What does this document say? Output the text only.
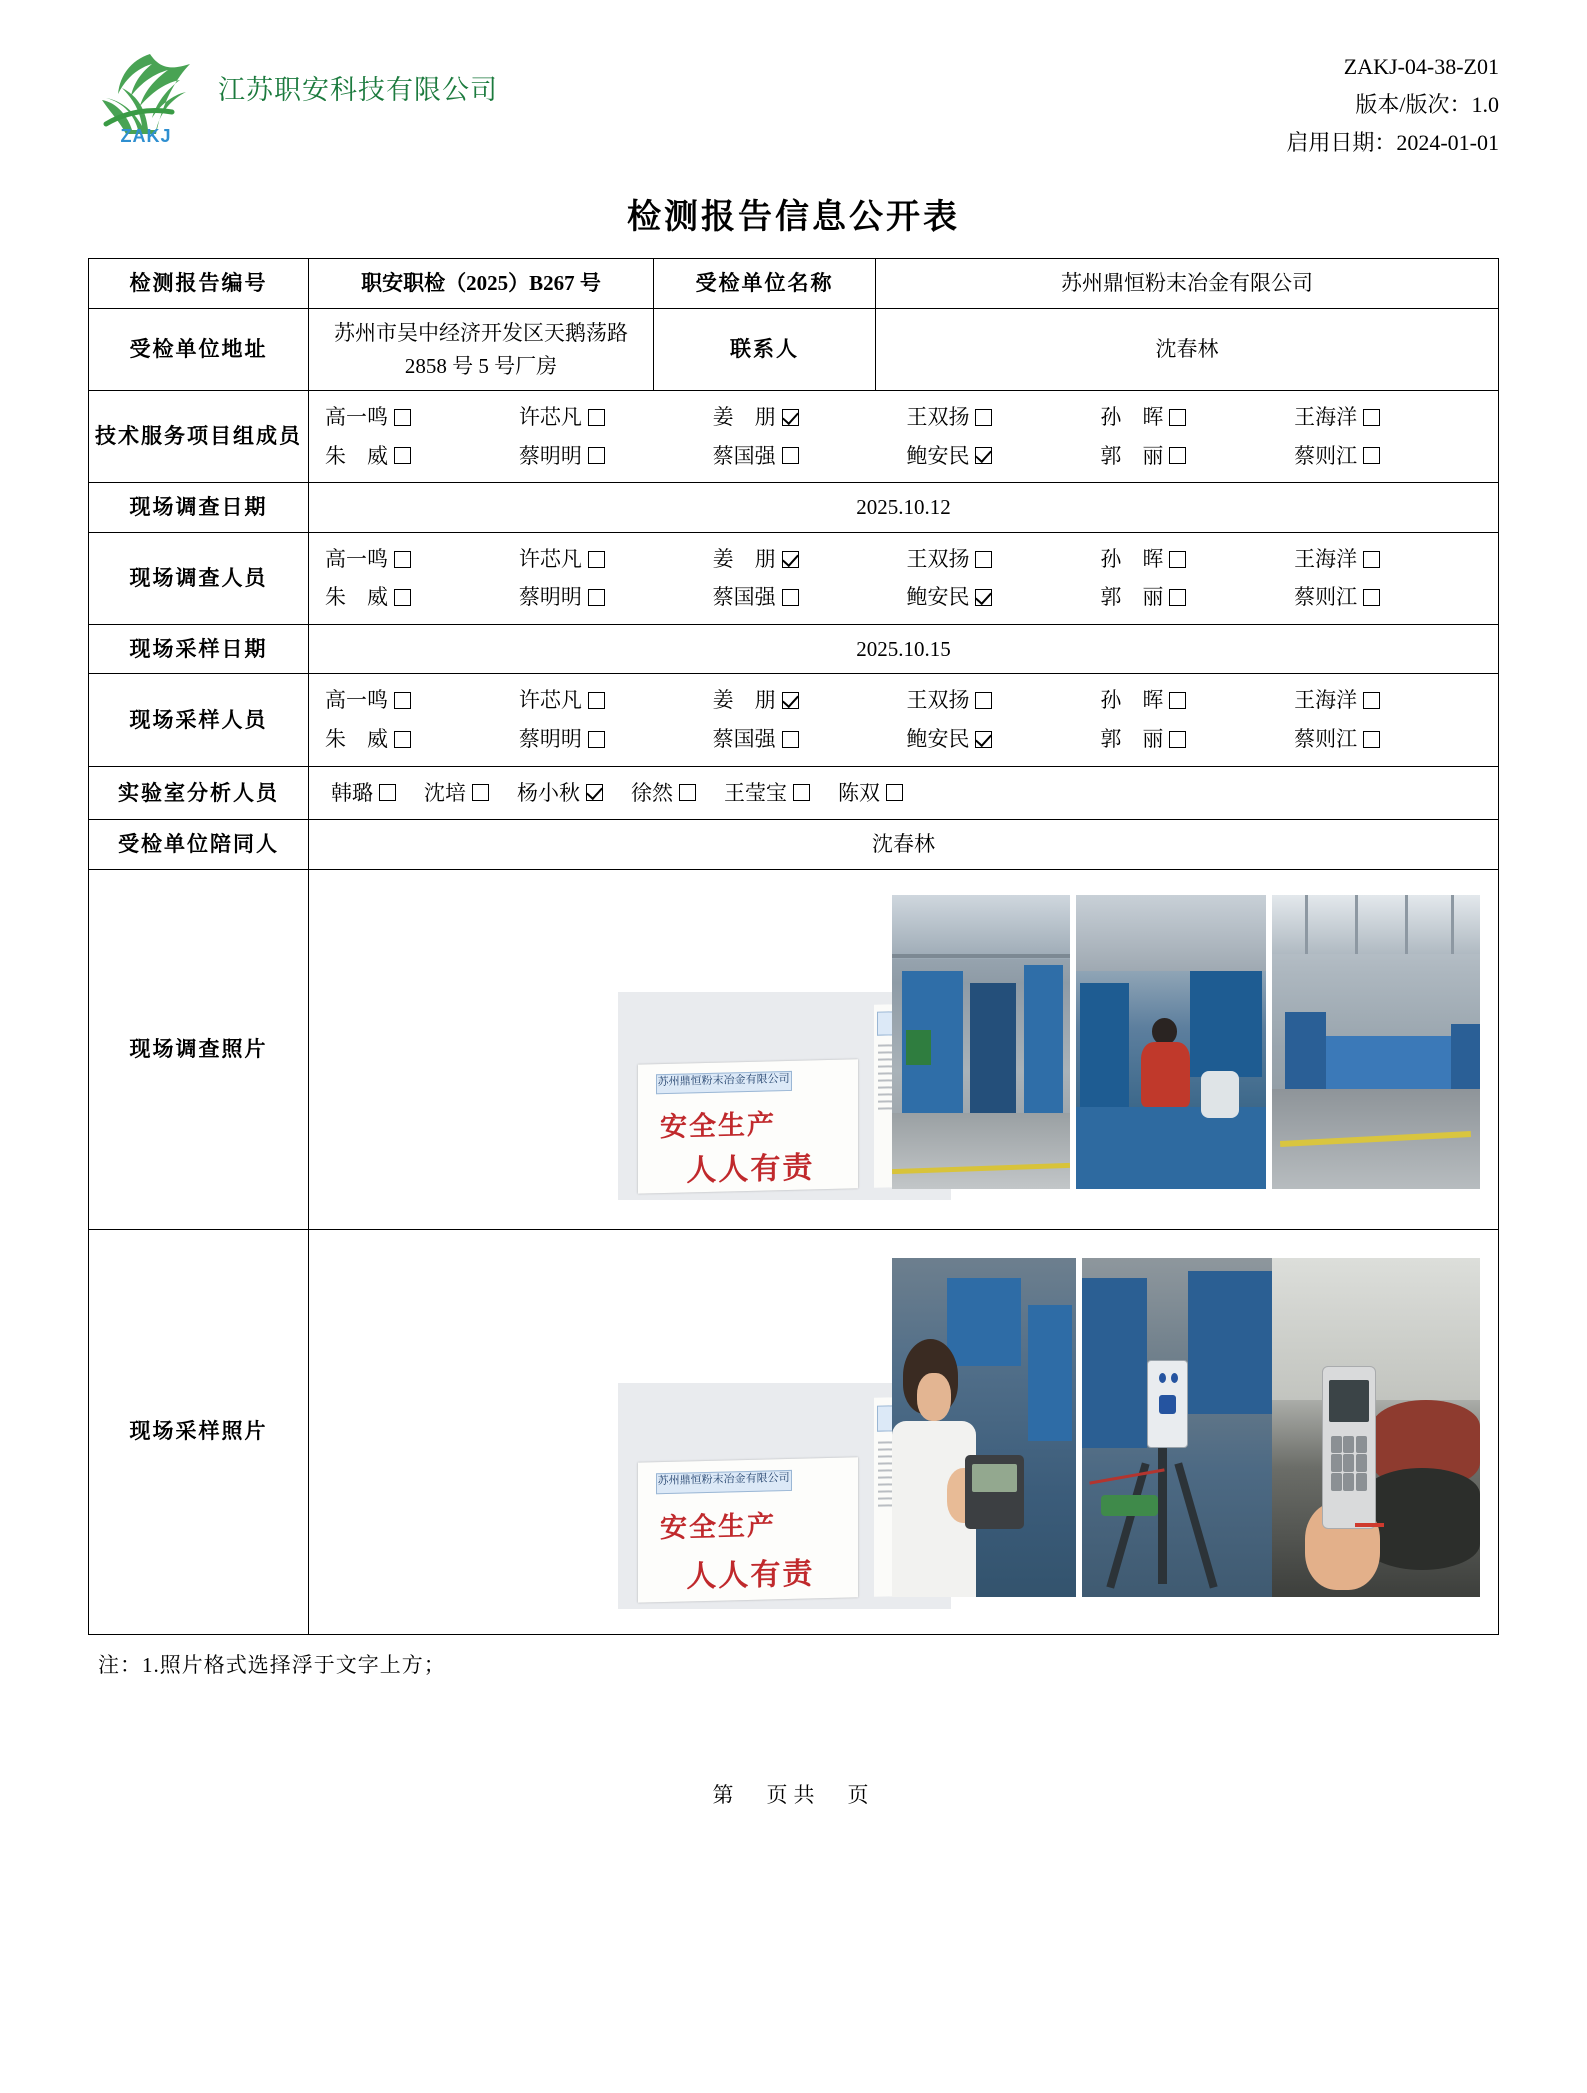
ZAKJ
江苏职安科技有限公司
ZAKJ-04-38-Z01
版本/版次：1.0
启用日期：2024-01-01
检测报告信息公开表
检测报告编号	职安职检（2025）B267 号	受检单位名称	苏州鼎恒粉末冶金有限公司
受检单位地址	苏州市吴中经济开发区天鹅荡路 2858 号 5 号厂房	联系人	沈春林
技术服务项目组成员	
高一鸣	许芯凡	姜　朋	王双扬	孙　晖	王海洋
朱　威	蔡明明	蔡国强	鲍安民	郭　丽	蔡则江

现场调查日期	2025.10.12		
现场调查人员	
高一鸣	许芯凡	姜　朋	王双扬	孙　晖	王海洋
朱　威	蔡明明	蔡国强	鲍安民	郭　丽	蔡则江

现场采样日期	2025.10.15		
现场采样人员	
高一鸣	许芯凡	姜　朋	王双扬	孙　晖	王海洋
朱　威	蔡明明	蔡国强	鲍安民	郭　丽	蔡则江

实验室分析人员	韩璐 沈培 杨小秋 徐然 王莹宝 陈双

受检单位陪同人	沈春林		
现场调查照片	苏州鼎恒粉末冶金有限公司
安全生产
人人有责		

现场采样照片	苏州鼎恒粉末冶金有限公司
安全生产
人人有责		
注：1.照片格式选择浮于文字上方；
第　页共　页
